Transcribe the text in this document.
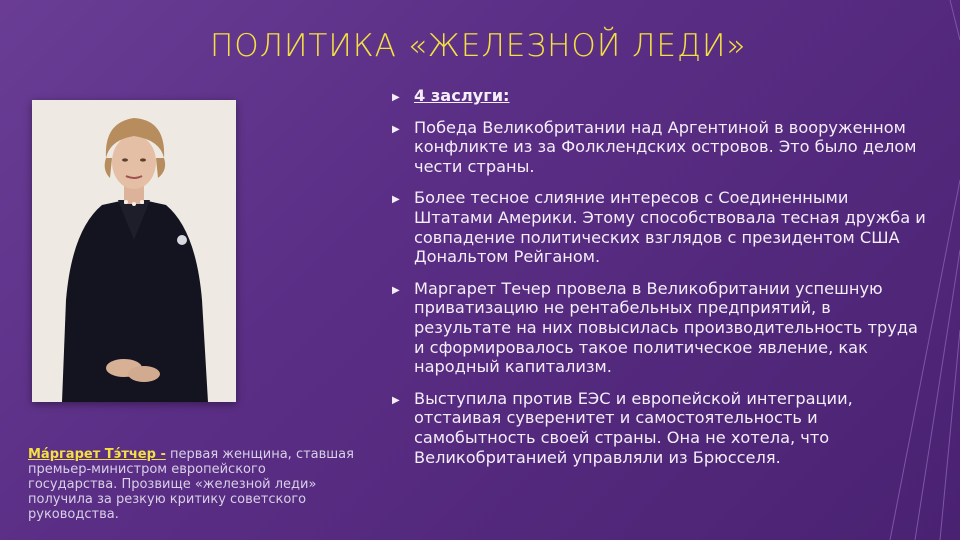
ПОЛИТИКА «ЖЕЛЕЗНОЙ ЛЕДИ»
Ма́ргарет Тэ́тчер - первая женщина, ставшая премьер-министром европейского государства. Прозвище «железной леди» получила за резкую критику советского руководства.
▶ 4 заслуги:
▶ Победа Великобритании над Аргентиной в вооруженном конфликте из за Фолклендских островов. Это было делом чести страны.
▶ Более тесное слияние интересов с Соединенными Штатами Америки. Этому способствовала тесная дружба и совпадение политических взглядов с президентом США Дональтом Рейганом.
▶ Маргарет Течер провела в Великобритании успешную приватизацию не рентабельных предприятий, в результате на них повысилась производительность труда и сформировалось такое политическое явление, как народный капитализм.
▶ Выступила против ЕЭС и европейской интеграции, отстаивая суверенитет и самостоятельность и самобытность своей страны. Она не хотела, что Великобританией управляли из Брюсселя.
